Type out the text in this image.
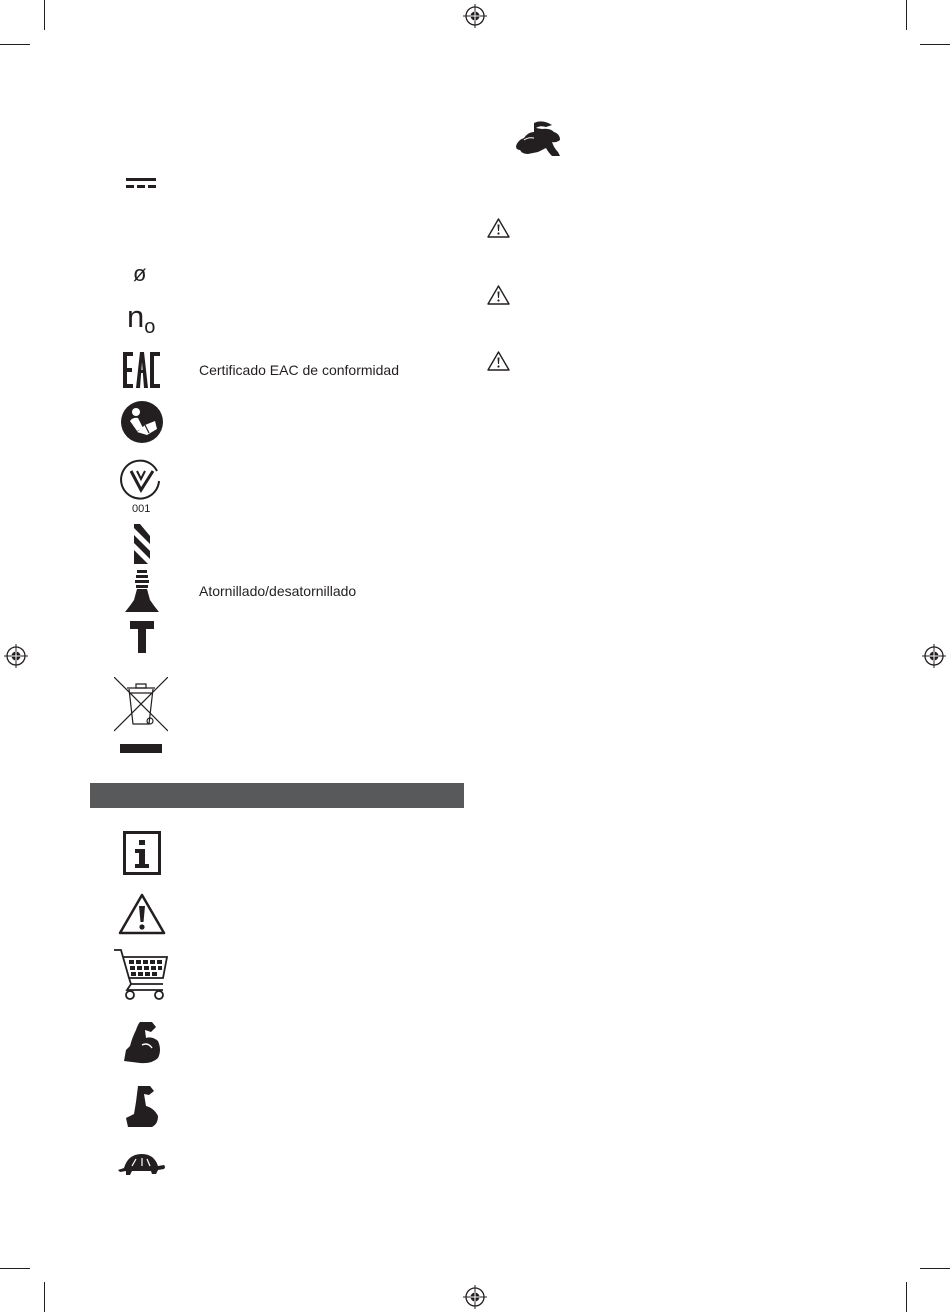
ø
no
Certificado EAC de conformidad
001
Atornillado/desatornillado
